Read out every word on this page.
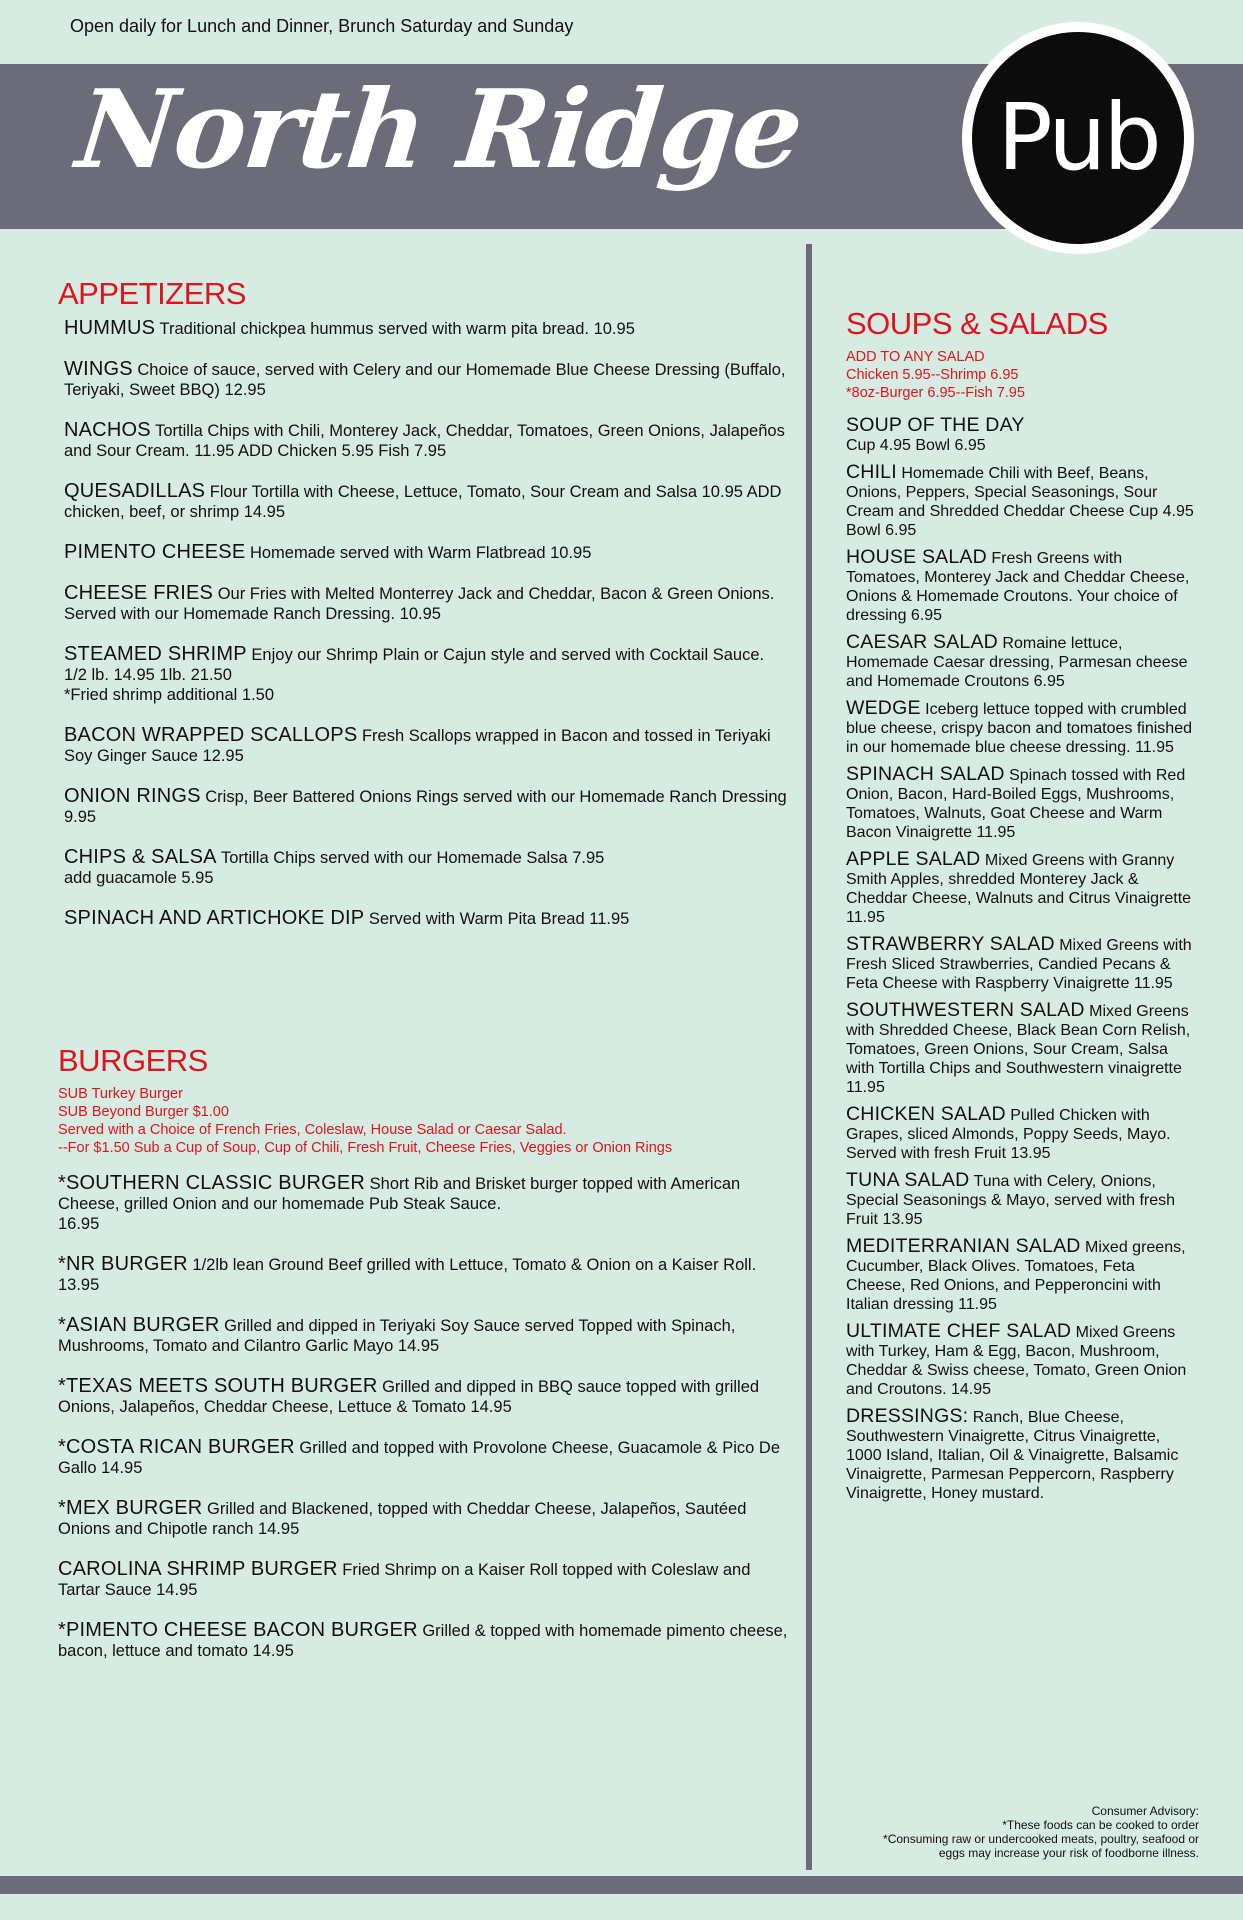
Open daily for Lunch and Dinner, Brunch Saturday and Sunday
North Ridge Pub
APPETIZERS
HUMMUS Traditional chickpea hummus served with warm pita bread. 10.95
WINGS Choice of sauce, served with Celery and our Homemade Blue Cheese Dressing (Buffalo, Teriyaki, Sweet BBQ) 12.95
NACHOS Tortilla Chips with Chili, Monterey Jack, Cheddar, Tomatoes, Green Onions, Jalapeños and Sour Cream. 11.95 ADD Chicken 5.95 Fish 7.95
QUESADILLAS Flour Tortilla with Cheese, Lettuce, Tomato, Sour Cream and Salsa 10.95 ADD chicken, beef, or shrimp 14.95
PIMENTO CHEESE Homemade served with Warm Flatbread 10.95
CHEESE FRIES Our Fries with Melted Monterrey Jack and Cheddar, Bacon & Green Onions. Served with our Homemade Ranch Dressing. 10.95
STEAMED SHRIMP Enjoy our Shrimp Plain or Cajun style and served with Cocktail Sauce.
1/2 lb. 14.95 1lb. 21.50
*Fried shrimp additional 1.50
BACON WRAPPED SCALLOPS Fresh Scallops wrapped in Bacon and tossed in Teriyaki Soy Ginger Sauce 12.95
ONION RINGS Crisp, Beer Battered Onions Rings served with our Homemade Ranch Dressing 9.95
CHIPS & SALSA Tortilla Chips served with our Homemade Salsa 7.95
add guacamole 5.95
SPINACH AND ARTICHOKE DIP Served with Warm Pita Bread 11.95
BURGERS
SUB Turkey Burger
SUB Beyond Burger $1.00
Served with a Choice of French Fries, Coleslaw, House Salad or Caesar Salad.
--For $1.50 Sub a Cup of Soup, Cup of Chili, Fresh Fruit, Cheese Fries, Veggies or Onion Rings
*SOUTHERN CLASSIC BURGER Short Rib and Brisket burger topped with American Cheese, grilled Onion and our homemade Pub Steak Sauce.
16.95
*NR BURGER 1/2lb lean Ground Beef grilled with Lettuce, Tomato & Onion on a Kaiser Roll. 13.95
*ASIAN BURGER Grilled and dipped in Teriyaki Soy Sauce served Topped with Spinach, Mushrooms, Tomato and Cilantro Garlic Mayo 14.95
*TEXAS MEETS SOUTH BURGER Grilled and dipped in BBQ sauce topped with grilled Onions, Jalapeños, Cheddar Cheese, Lettuce & Tomato 14.95
*COSTA RICAN BURGER Grilled and topped with Provolone Cheese, Guacamole & Pico De Gallo 14.95
*MEX BURGER Grilled and Blackened, topped with Cheddar Cheese, Jalapeños, Sautéed Onions and Chipotle ranch 14.95
CAROLINA SHRIMP BURGER Fried Shrimp on a Kaiser Roll topped with Coleslaw and Tartar Sauce 14.95
*PIMENTO CHEESE BACON BURGER Grilled & topped with homemade pimento cheese, bacon, lettuce and tomato 14.95
SOUPS & SALADS
ADD TO ANY SALAD
Chicken 5.95--Shrimp 6.95
*8oz-Burger 6.95--Fish 7.95
SOUP OF THE DAY
Cup 4.95 Bowl 6.95
CHILI Homemade Chili with Beef, Beans, Onions, Peppers, Special Seasonings, Sour Cream and Shredded Cheddar Cheese Cup 4.95 Bowl 6.95
HOUSE SALAD Fresh Greens with Tomatoes, Monterey Jack and Cheddar Cheese, Onions & Homemade Croutons. Your choice of dressing 6.95
CAESAR SALAD Romaine lettuce, Homemade Caesar dressing, Parmesan cheese and Homemade Croutons 6.95
WEDGE Iceberg lettuce topped with crumbled blue cheese, crispy bacon and tomatoes finished in our homemade blue cheese dressing. 11.95
SPINACH SALAD Spinach tossed with Red Onion, Bacon, Hard-Boiled Eggs, Mushrooms, Tomatoes, Walnuts, Goat Cheese and Warm Bacon Vinaigrette 11.95
APPLE SALAD Mixed Greens with Granny Smith Apples, shredded Monterey Jack & Cheddar Cheese, Walnuts and Citrus Vinaigrette 11.95
STRAWBERRY SALAD Mixed Greens with Fresh Sliced Strawberries, Candied Pecans & Feta Cheese with Raspberry Vinaigrette 11.95
SOUTHWESTERN SALAD Mixed Greens with Shredded Cheese, Black Bean Corn Relish, Tomatoes, Green Onions, Sour Cream, Salsa with Tortilla Chips and Southwestern vinaigrette 11.95
CHICKEN SALAD Pulled Chicken with Grapes, sliced Almonds, Poppy Seeds, Mayo. Served with fresh Fruit 13.95
TUNA SALAD Tuna with Celery, Onions, Special Seasonings & Mayo, served with fresh Fruit 13.95
MEDITERRANIAN SALAD Mixed greens, Cucumber, Black Olives. Tomatoes, Feta Cheese, Red Onions, and Pepperoncini with Italian dressing 11.95
ULTIMATE CHEF SALAD Mixed Greens with Turkey, Ham & Egg, Bacon, Mushroom, Cheddar & Swiss cheese, Tomato, Green Onion and Croutons. 14.95
DRESSINGS: Ranch, Blue Cheese, Southwestern Vinaigrette, Citrus Vinaigrette, 1000 Island, Italian, Oil & Vinaigrette, Balsamic Vinaigrette, Parmesan Peppercorn, Raspberry Vinaigrette, Honey mustard.
Consumer Advisory:
*These foods can be cooked to order
*Consuming raw or undercooked meats, poultry, seafood or
eggs may increase your risk of foodborne illness.
